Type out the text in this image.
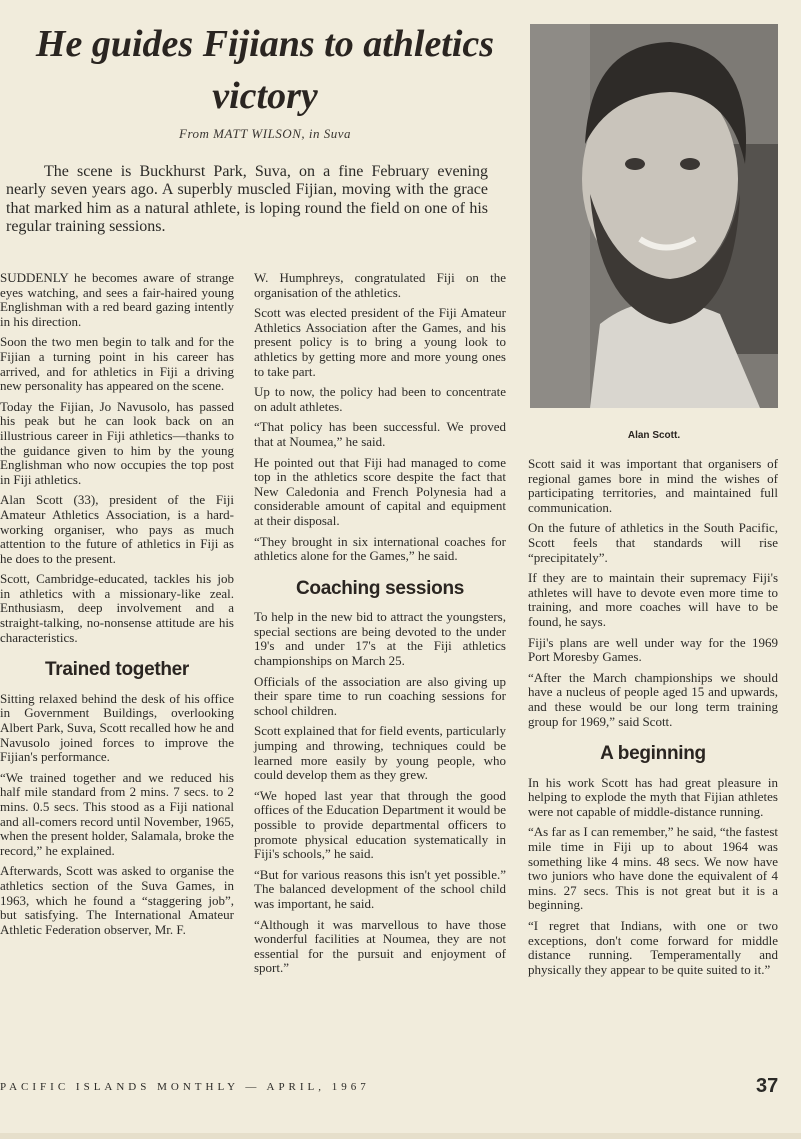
He guides Fijians to athletics victory
From MATT WILSON, in Suva

The scene is Buckhurst Park, Suva, on a fine February evening nearly seven years ago. A superbly muscled Fijian, moving with the grace that marked him as a natural athlete, is loping round the field on one of his regular training sessions.

Alan Scott.

SUDDENLY he becomes aware of strange eyes watching, and sees a fair-haired young Englishman with a red beard gazing intently in his direction.

Soon the two men begin to talk and for the Fijian a turning point in his career has arrived, and for athletics in Fiji a driving new personality has appeared on the scene.

Today the Fijian, Jo Navusolo, has passed his peak but he can look back on an illustrious career in Fiji athletics—thanks to the guidance given to him by the young Englishman who now occupies the top post in Fiji athletics.

Alan Scott (33), president of the Fiji Amateur Athletics Association, is a hard-working organiser, who pays as much attention to the future of athletics in Fiji as he does to the present.

Scott, Cambridge-educated, tackles his job in athletics with a missionary-like zeal. Enthusiasm, deep involvement and a straight-talking, no-nonsense attitude are his characteristics.

Trained together

Sitting relaxed behind the desk of his office in Government Buildings, overlooking Albert Park, Suva, Scott recalled how he and Navusolo joined forces to improve the Fijian's performance.

“We trained together and we reduced his half mile standard from 2 mins. 7 secs. to 2 mins. 0.5 secs. This stood as a Fiji national and all-comers record until November, 1965, when the present holder, Salamala, broke the record,” he explained.

Afterwards, Scott was asked to organise the athletics section of the Suva Games, in 1963, which he found a “staggering job”, but satisfying. The International Amateur Athletic Federation observer, Mr. F.

W. Humphreys, congratulated Fiji on the organisation of the athletics.

Scott was elected president of the Fiji Amateur Athletics Association after the Games, and his present policy is to bring a young look to athletics by getting more and more young ones to take part.

Up to now, the policy had been to concentrate on adult athletes.

“That policy has been successful. We proved that at Noumea,” he said.

He pointed out that Fiji had managed to come top in the athletics score despite the fact that New Caledonia and French Polynesia had a considerable amount of capital and equipment at their disposal.

“They brought in six international coaches for athletics alone for the Games,” he said.

Coaching sessions

To help in the new bid to attract the youngsters, special sections are being devoted to the under 19's and under 17's at the Fiji athletics championships on March 25.

Officials of the association are also giving up their spare time to run coaching sessions for school children.

Scott explained that for field events, particularly jumping and throwing, techniques could be learned more easily by young people, who could develop them as they grew.

“We hoped last year that through the good offices of the Education Department it would be possible to provide departmental officers to promote physical education systematically in Fiji's schools,” he said.

“But for various reasons this isn't yet possible.” The balanced development of the school child was important, he said.

“Although it was marvellous to have those wonderful facilities at Noumea, they are not essential for the pursuit and enjoyment of sport.”

Scott said it was important that organisers of regional games bore in mind the wishes of participating territories, and maintained full communication.

On the future of athletics in the South Pacific, Scott feels that standards will rise “precipitately”.

If they are to maintain their supremacy Fiji's athletes will have to devote even more time to training, and more coaches will have to be found, he says.

Fiji's plans are well under way for the 1969 Port Moresby Games.

“After the March championships we should have a nucleus of people aged 15 and upwards, and these would be our long term training group for 1969,” said Scott.

A beginning

In his work Scott has had great pleasure in helping to explode the myth that Fijian athletes were not capable of middle-distance running.

“As far as I can remember,” he said, “the fastest mile time in Fiji up to about 1964 was something like 4 mins. 48 secs. We now have two juniors who have done the equivalent of 4 mins. 27 secs. This is not great but it is a beginning.

“I regret that Indians, with one or two exceptions, don't come forward for middle distance running. Temperamentally and physically they appear to be quite suited to it.”

PACIFIC ISLANDS MONTHLY — APRIL, 1967	37
